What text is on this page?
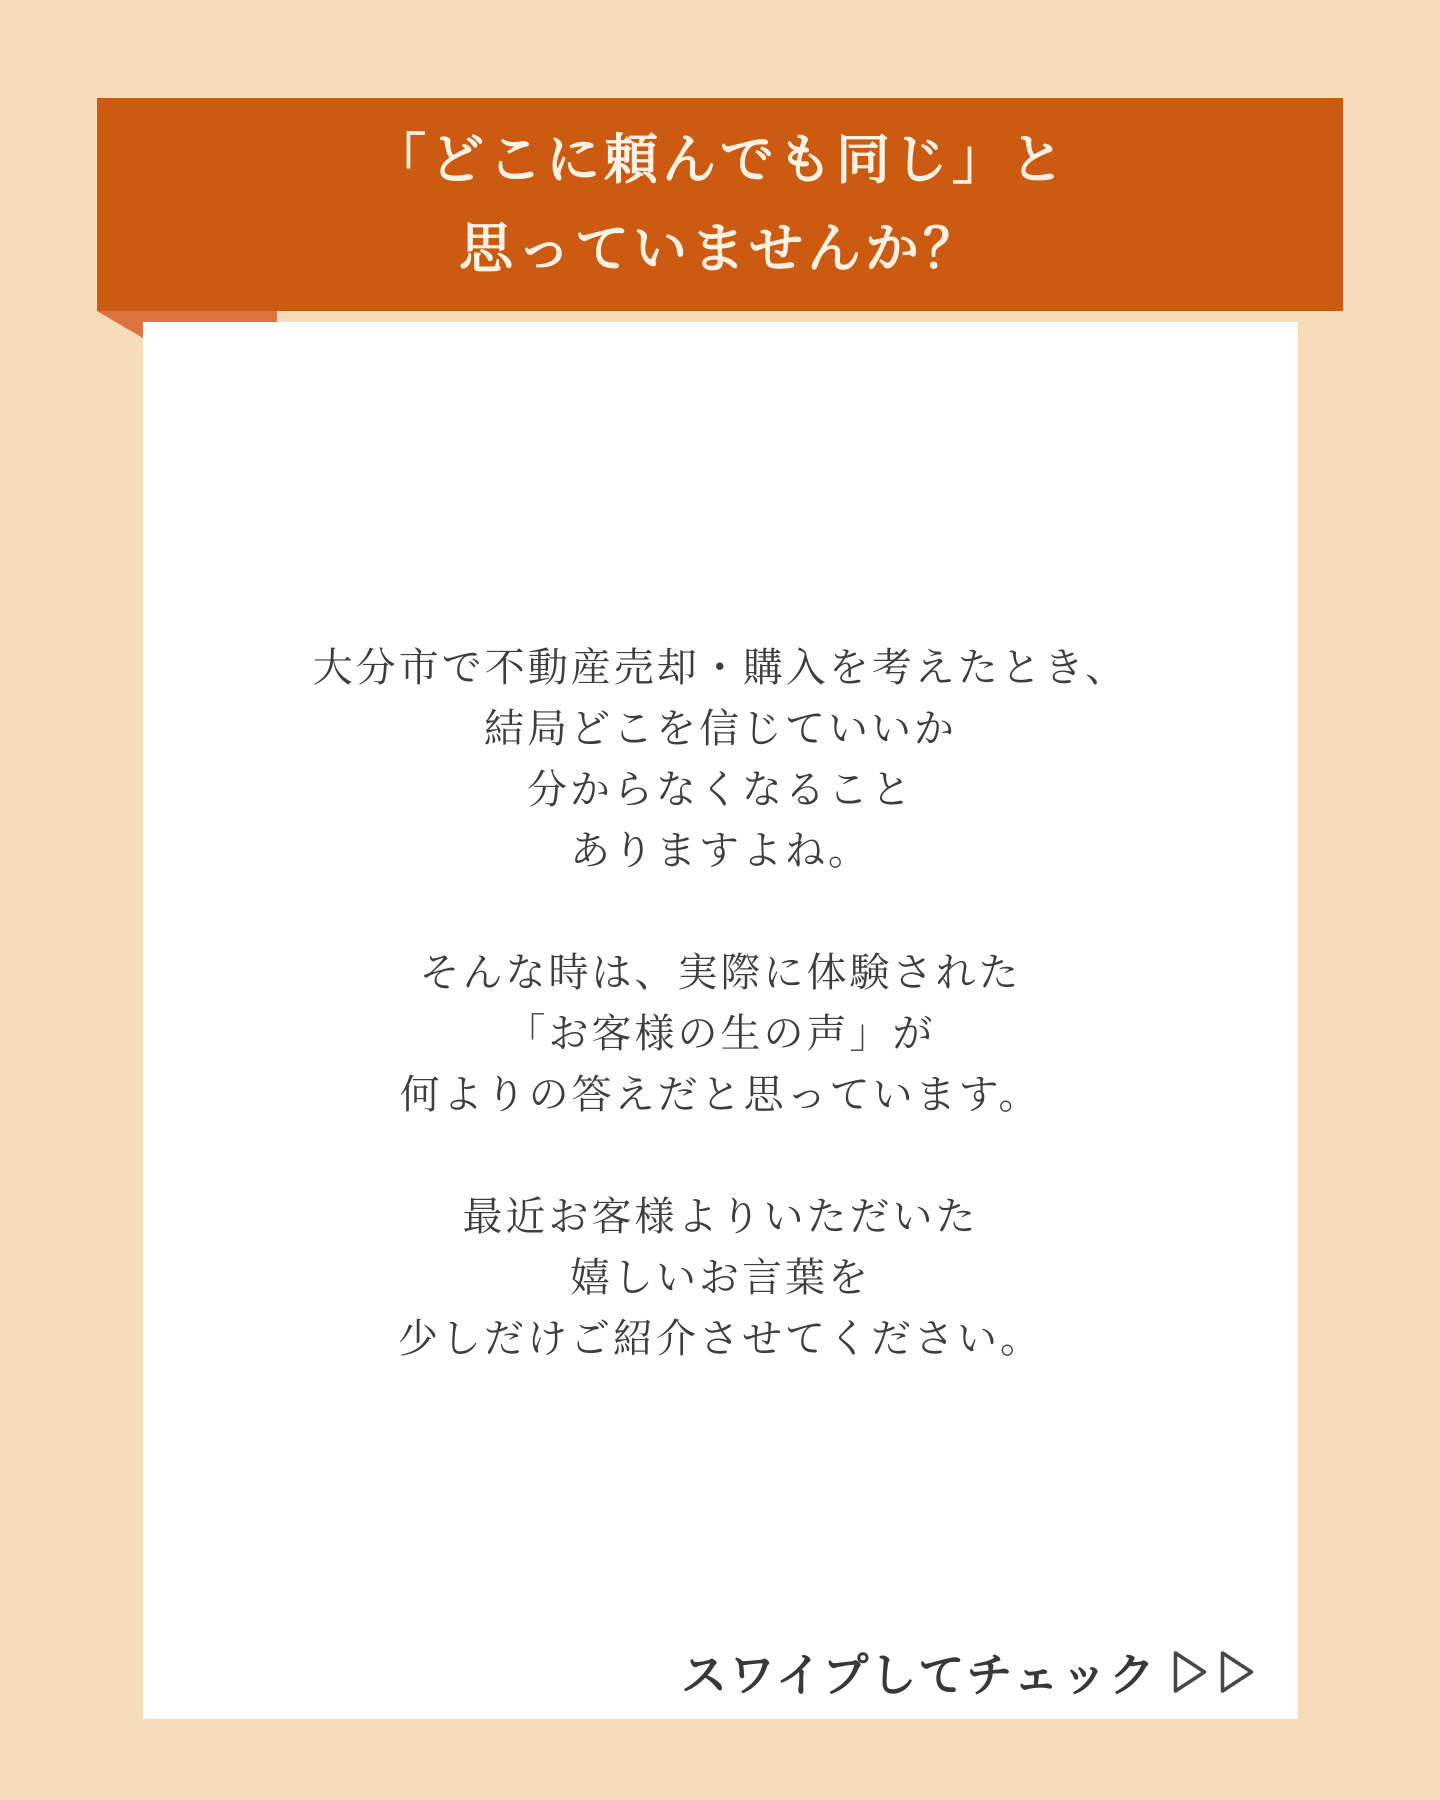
「どこに頼んでも同じ」と
思っていませんか？

大分市で不動産売却・購入を考えたとき、
結局どこを信じていいか
分からなくなること
ありますよね。

そんな時は、実際に体験された
「お客様の生の声」が
何よりの答えだと思っています。

最近お客様よりいただいた
嬉しいお言葉を
少しだけご紹介させてください。

スワイプしてチェック
